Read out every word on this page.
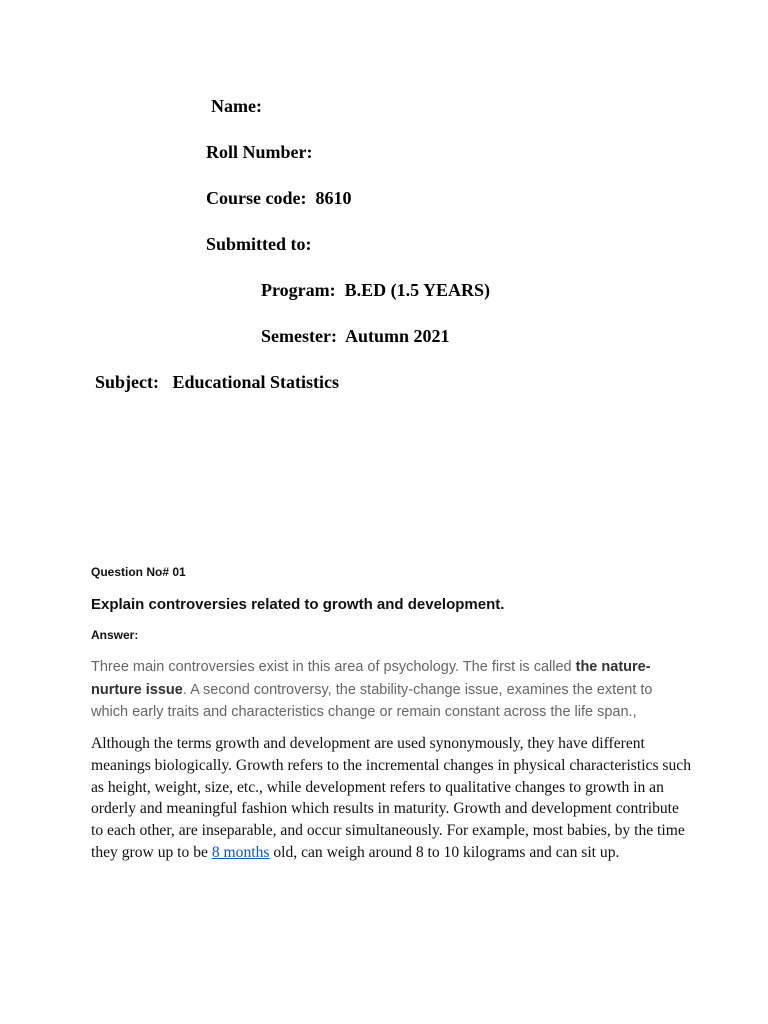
Name:
Roll Number:
Course code:  8610
Submitted to:
Program:  B.ED (1.5 YEARS)
Semester:  Autumn 2021
Subject:   Educational Statistics
Question No# 01
Explain controversies related to growth and development.
Answer:
Three main controversies exist in this area of psychology. The first is called the nature-nurture issue. A second controversy, the stability-change issue, examines the extent to which early traits and characteristics change or remain constant across the life span.,
Although the terms growth and development are used synonymously, they have different meanings biologically. Growth refers to the incremental changes in physical characteristics such as height, weight, size, etc., while development refers to qualitative changes to growth in an orderly and meaningful fashion which results in maturity. Growth and development contribute to each other, are inseparable, and occur simultaneously. For example, most babies, by the time they grow up to be 8 months old, can weigh around 8 to 10 kilograms and can sit up.
